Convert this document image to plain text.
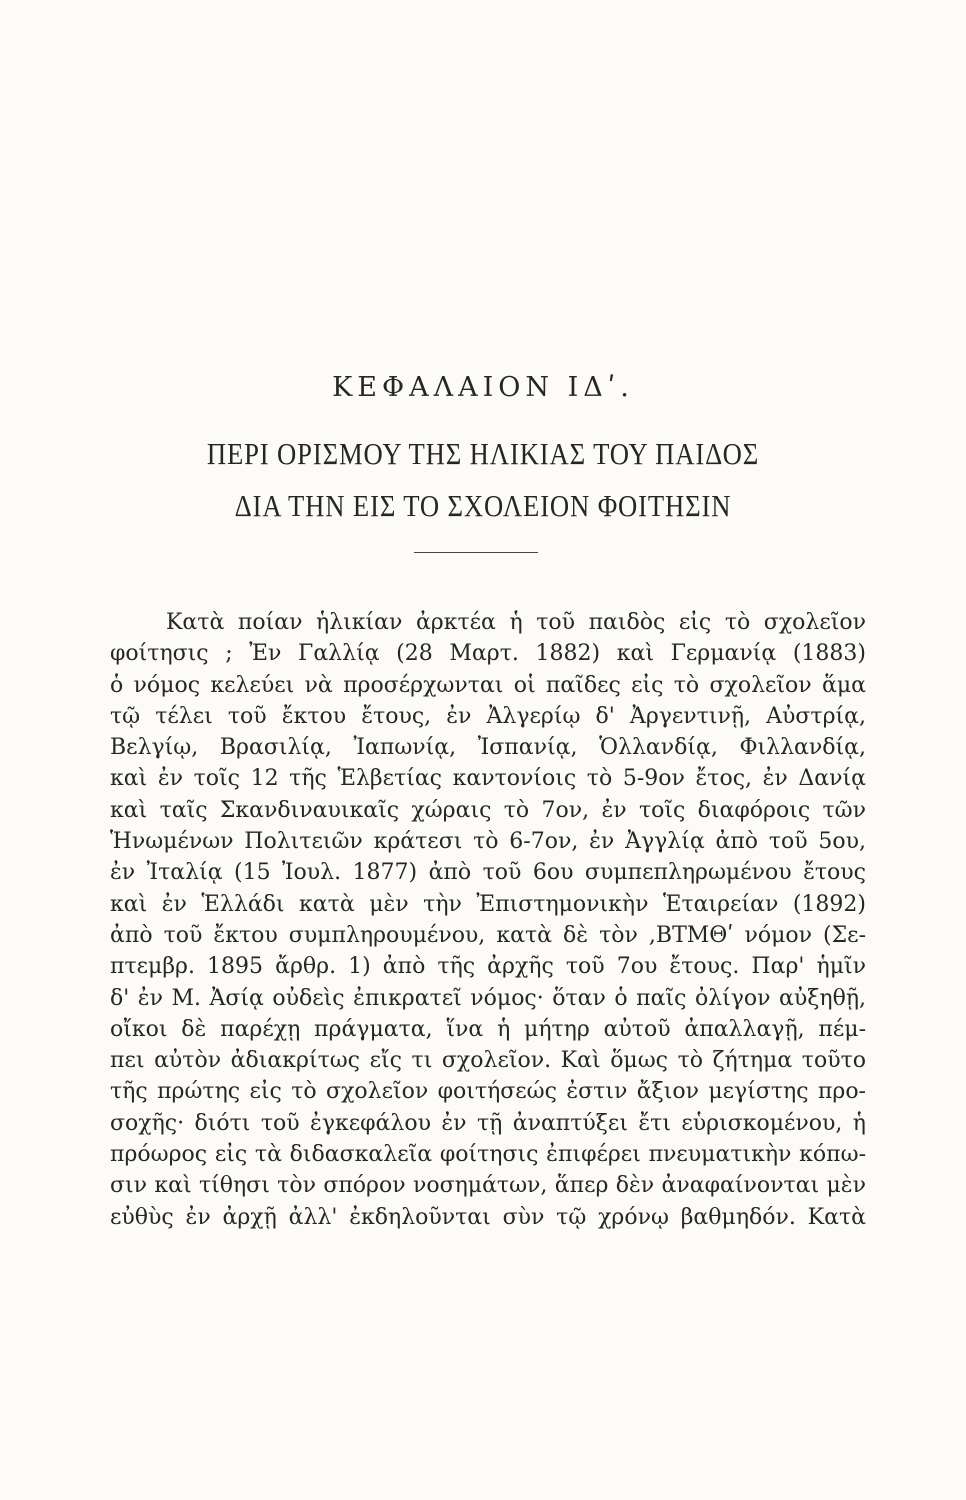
ΚΕΦΑΛΑΙΟΝ ΙΔʹ.
ΠΕΡΙ ΟΡΙΣΜΟΥ ΤΗΣ ΗΛΙΚΙΑΣ ΤΟΥ ΠΑΙΔΟΣ
ΔΙΑ ΤΗΝ ΕΙΣ ΤΟ ΣΧΟΛΕΙΟΝ ΦΟΙΤΗΣΙΝ
Κατὰ ποίαν ἡλικίαν ἀρκτέα ἡ τοῦ παιδὸς εἰς τὸ σχολεῖον
φοίτησις ; Ἐν Γαλλίᾳ (28 Μαρτ. 1882) καὶ Γερμανίᾳ (1883)
ὁ νόμος κελεύει νὰ προσέρχωνται οἱ παῖδες εἰς τὸ σχολεῖον ἅμα
τῷ τέλει τοῦ ἔκτου ἔτους, ἐν Ἀλγερίῳ δ' Ἀργεντινῇ, Αὐστρίᾳ,
Βελγίῳ, Βρασιλίᾳ, Ἰαπωνίᾳ, Ἰσπανίᾳ, Ὁλλανδίᾳ, Φιλλανδίᾳ,
καὶ ἐν τοῖς 12 τῆς Ἑλβετίας καντονίοις τὸ 5-9ον ἔτος, ἐν Δανίᾳ
καὶ ταῖς Σκανδιναυικαῖς χώραις τὸ 7ον, ἐν τοῖς διαφόροις τῶν
Ἡνωμένων Πολιτειῶν κράτεσι τὸ 6-7ον, ἐν Ἀγγλίᾳ ἀπὸ τοῦ 5ου,
ἐν Ἰταλίᾳ (15 Ἰουλ. 1877) ἀπὸ τοῦ 6ου συμπεπληρωμένου ἔτους
καὶ ἐν Ἑλλάδι κατὰ μὲν τὴν Ἐπιστημονικὴν Ἑταιρείαν (1892)
ἀπὸ τοῦ ἔκτου συμπληρουμένου, κατὰ δὲ τὸν ,ΒΤΜΘʹ νόμον (Σε-
πτεμβρ. 1895 ἄρθρ. 1) ἀπὸ τῆς ἀρχῆς τοῦ 7ου ἔτους. Παρ' ἡμῖν
δ' ἐν Μ. Ἀσίᾳ οὐδεὶς ἐπικρατεῖ νόμος· ὅταν ὁ παῖς ὀλίγον αὐξηθῇ,
οἴκοι δὲ παρέχῃ πράγματα, ἵνα ἡ μήτηρ αὐτοῦ ἀπαλλαγῇ, πέμ-
πει αὐτὸν ἀδιακρίτως εἴς τι σχολεῖον. Καὶ ὅμως τὸ ζήτημα τοῦτο
τῆς πρώτης εἰς τὸ σχολεῖον φοιτήσεώς ἐστιν ἄξιον μεγίστης προ-
σοχῆς· διότι τοῦ ἐγκεφάλου ἐν τῇ ἀναπτύξει ἔτι εὑρισκομένου, ἡ
πρόωρος εἰς τὰ διδασκαλεῖα φοίτησις ἐπιφέρει πνευματικὴν κόπω-
σιν καὶ τίθησι τὸν σπόρον νοσημάτων, ἅπερ δὲν ἀναφαίνονται μὲν
εὐθὺς ἐν ἀρχῇ ἀλλ' ἐκδηλοῦνται σὺν τῷ χρόνῳ βαθμηδόν. Κατὰ
